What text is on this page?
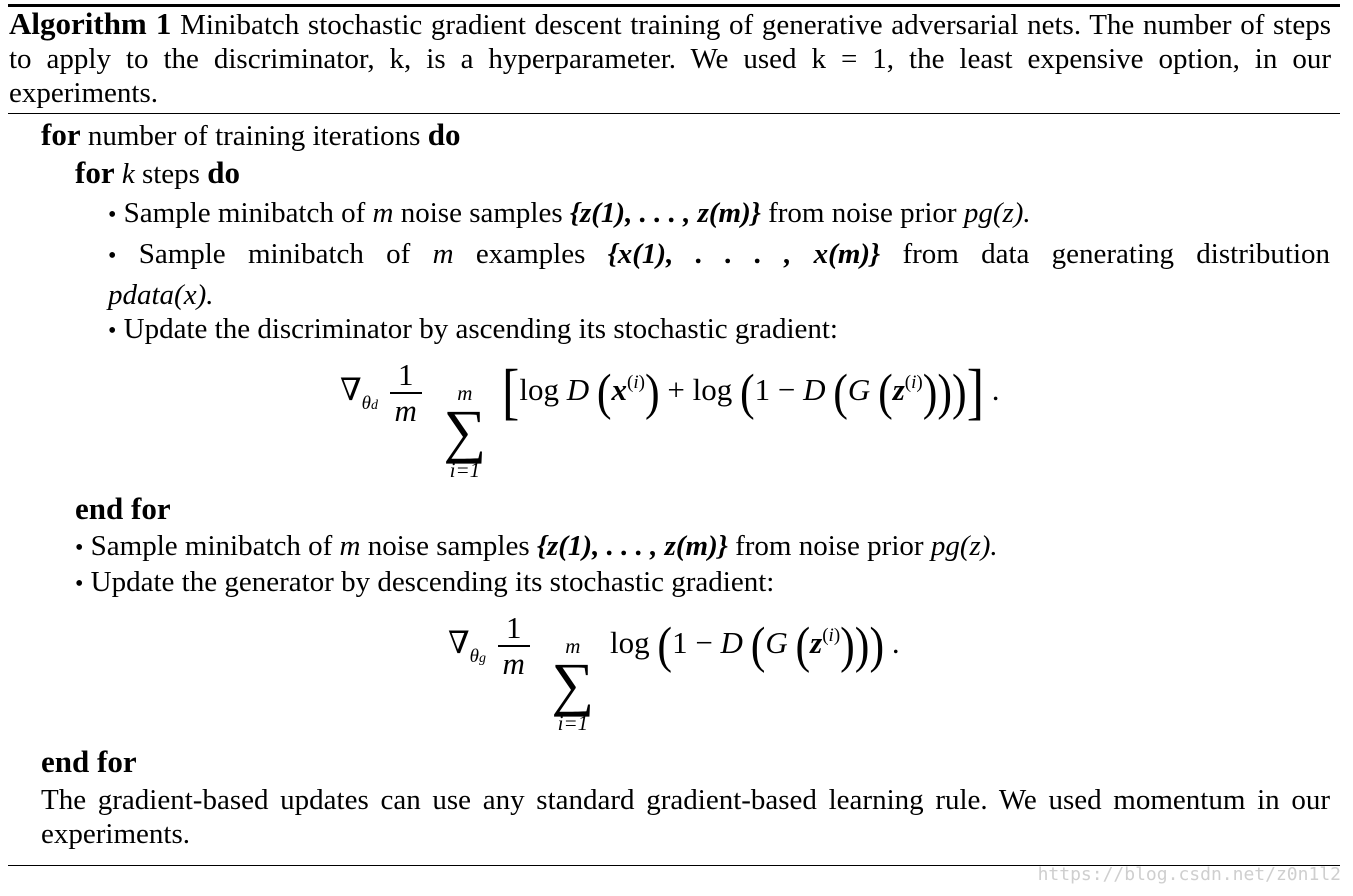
Algorithm 1 Minibatch stochastic gradient descent training of generative adversarial nets. The number of steps to apply to the discriminator, k, is a hyperparameter. We used k = 1, the least expensive option, in our experiments.
for number of training iterations do
for k steps do
• Sample minibatch of m noise samples {z(1), . . . , z(m)} from noise prior pg(z).
• Sample minibatch of m examples {x(1), . . . , x(m)} from data generating distribution
pdata(x).
• Update the discriminator by ascending its stochastic gradient:
$\nabla_{\theta d} \frac{1}{m}$
m
∑
i=1
[log D $(x^{(i)}) + \log (1 - D$ (G $(z^{(i)})$))] .
end for
• Sample minibatch of m noise samples {z(1), . . . , z(m)} from noise prior pg(z).
• Update the generator by descending its stochastic gradient:
$\nabla_{\theta g} \frac{1}{m}$
m
∑
i=1
log (1 − D (G $(z^{(i)})$)) .
end for
The gradient-based updates can use any standard gradient-based learning rule. We used momentum in our experiments.
https://blog.csdn.net/z0n1l2
